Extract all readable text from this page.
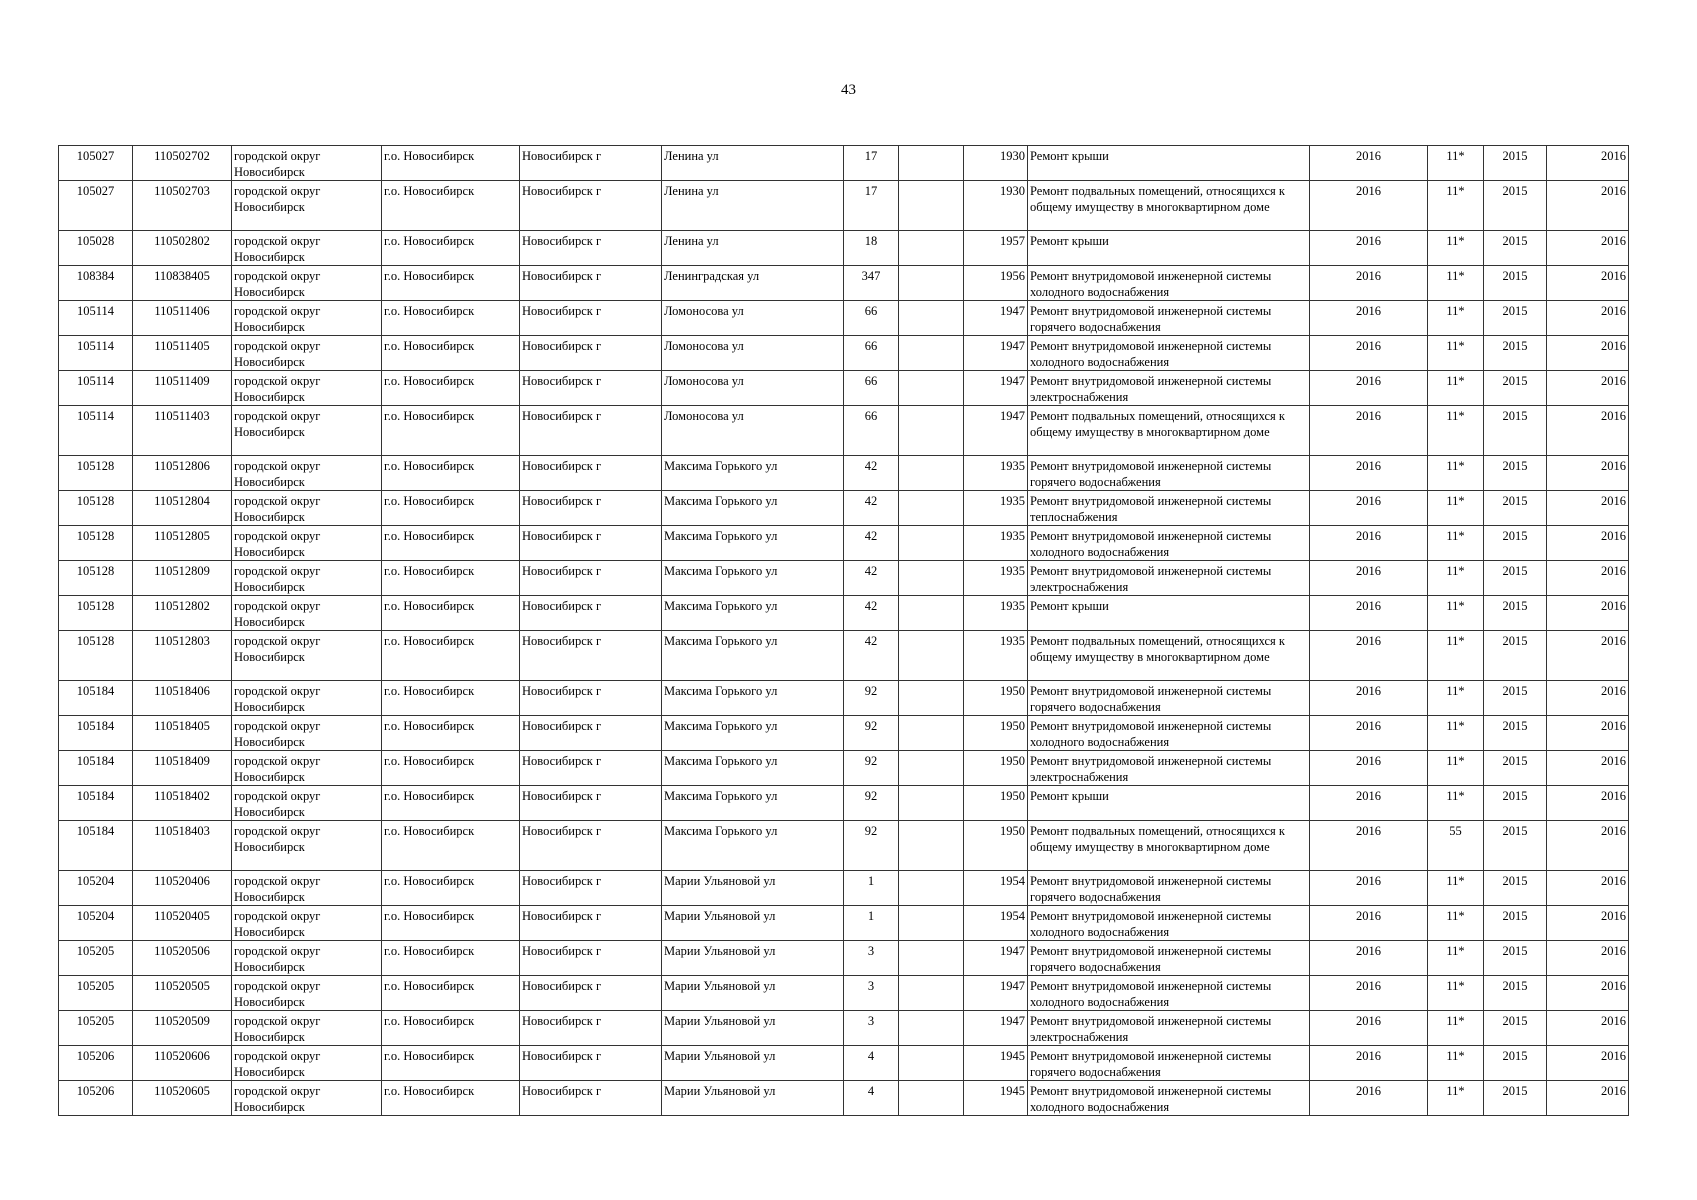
43
105027	110502702	городской округ Новосибирск	г.о. Новосибирск	Новосибирск г	Ленина ул	17		1930	Ремонт крыши	2016	11*	2015	2016
105027	110502703	городской округ Новосибирск	г.о. Новосибирск	Новосибирск г	Ленина ул	17		1930	Ремонт подвальных помещений, относящихся к общему имуществу в многоквартирном доме	2016	11*	2015	2016
105028	110502802	городской округ Новосибирск	г.о. Новосибирск	Новосибирск г	Ленина ул	18		1957	Ремонт крыши	2016	11*	2015	2016
108384	110838405	городской округ Новосибирск	г.о. Новосибирск	Новосибирск г	Ленинградская ул	347		1956	Ремонт внутридомовой инженерной системы холодного водоснабжения	2016	11*	2015	2016
105114	110511406	городской округ Новосибирск	г.о. Новосибирск	Новосибирск г	Ломоносова ул	66		1947	Ремонт внутридомовой инженерной системы горячего водоснабжения	2016	11*	2015	2016
105114	110511405	городской округ Новосибирск	г.о. Новосибирск	Новосибирск г	Ломоносова ул	66		1947	Ремонт внутридомовой инженерной системы холодного водоснабжения	2016	11*	2015	2016
105114	110511409	городской округ Новосибирск	г.о. Новосибирск	Новосибирск г	Ломоносова ул	66		1947	Ремонт внутридомовой инженерной системы электроснабжения	2016	11*	2015	2016
105114	110511403	городской округ Новосибирск	г.о. Новосибирск	Новосибирск г	Ломоносова ул	66		1947	Ремонт подвальных помещений, относящихся к общему имуществу в многоквартирном доме	2016	11*	2015	2016
105128	110512806	городской округ Новосибирск	г.о. Новосибирск	Новосибирск г	Максима Горького ул	42		1935	Ремонт внутридомовой инженерной системы горячего водоснабжения	2016	11*	2015	2016
105128	110512804	городской округ Новосибирск	г.о. Новосибирск	Новосибирск г	Максима Горького ул	42		1935	Ремонт внутридомовой инженерной системы теплоснабжения	2016	11*	2015	2016
105128	110512805	городской округ Новосибирск	г.о. Новосибирск	Новосибирск г	Максима Горького ул	42		1935	Ремонт внутридомовой инженерной системы холодного водоснабжения	2016	11*	2015	2016
105128	110512809	городской округ Новосибирск	г.о. Новосибирск	Новосибирск г	Максима Горького ул	42		1935	Ремонт внутридомовой инженерной системы электроснабжения	2016	11*	2015	2016
105128	110512802	городской округ Новосибирск	г.о. Новосибирск	Новосибирск г	Максима Горького ул	42		1935	Ремонт крыши	2016	11*	2015	2016
105128	110512803	городской округ Новосибирск	г.о. Новосибирск	Новосибирск г	Максима Горького ул	42		1935	Ремонт подвальных помещений, относящихся к общему имуществу в многоквартирном доме	2016	11*	2015	2016
105184	110518406	городской округ Новосибирск	г.о. Новосибирск	Новосибирск г	Максима Горького ул	92		1950	Ремонт внутридомовой инженерной системы горячего водоснабжения	2016	11*	2015	2016
105184	110518405	городской округ Новосибирск	г.о. Новосибирск	Новосибирск г	Максима Горького ул	92		1950	Ремонт внутридомовой инженерной системы холодного водоснабжения	2016	11*	2015	2016
105184	110518409	городской округ Новосибирск	г.о. Новосибирск	Новосибирск г	Максима Горького ул	92		1950	Ремонт внутридомовой инженерной системы электроснабжения	2016	11*	2015	2016
105184	110518402	городской округ Новосибирск	г.о. Новосибирск	Новосибирск г	Максима Горького ул	92		1950	Ремонт крыши	2016	11*	2015	2016
105184	110518403	городской округ Новосибирск	г.о. Новосибирск	Новосибирск г	Максима Горького ул	92		1950	Ремонт подвальных помещений, относящихся к общему имуществу в многоквартирном доме	2016	55	2015	2016
105204	110520406	городской округ Новосибирск	г.о. Новосибирск	Новосибирск г	Марии Ульяновой ул	1		1954	Ремонт внутридомовой инженерной системы горячего водоснабжения	2016	11*	2015	2016
105204	110520405	городской округ Новосибирск	г.о. Новосибирск	Новосибирск г	Марии Ульяновой ул	1		1954	Ремонт внутридомовой инженерной системы холодного водоснабжения	2016	11*	2015	2016
105205	110520506	городской округ Новосибирск	г.о. Новосибирск	Новосибирск г	Марии Ульяновой ул	3		1947	Ремонт внутридомовой инженерной системы горячего водоснабжения	2016	11*	2015	2016
105205	110520505	городской округ Новосибирск	г.о. Новосибирск	Новосибирск г	Марии Ульяновой ул	3		1947	Ремонт внутридомовой инженерной системы холодного водоснабжения	2016	11*	2015	2016
105205	110520509	городской округ Новосибирск	г.о. Новосибирск	Новосибирск г	Марии Ульяновой ул	3		1947	Ремонт внутридомовой инженерной системы электроснабжения	2016	11*	2015	2016
105206	110520606	городской округ Новосибирск	г.о. Новосибирск	Новосибирск г	Марии Ульяновой ул	4		1945	Ремонт внутридомовой инженерной системы горячего водоснабжения	2016	11*	2015	2016
105206	110520605	городской округ Новосибирск	г.о. Новосибирск	Новосибирск г	Марии Ульяновой ул	4		1945	Ремонт внутридомовой инженерной системы холодного водоснабжения	2016	11*	2015	2016
